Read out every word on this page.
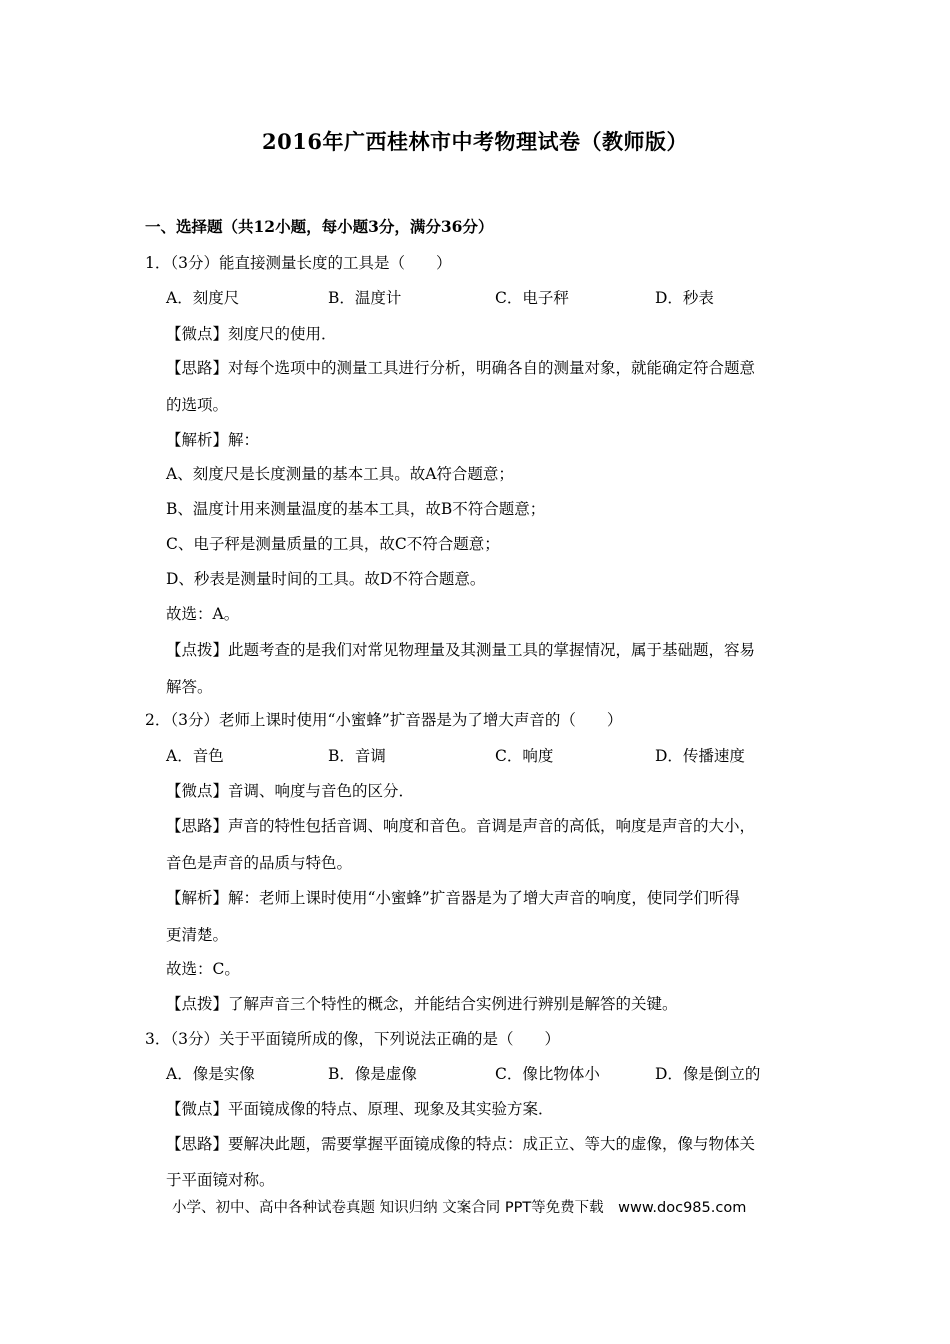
2016年广西桂林市中考物理试卷（教师版）
一、选择题（共12小题，每小题3分，满分36分）
1．（3分）能直接测量长度的工具是（　　）
A．刻度尺	B．温度计	C．电子秤	D．秒表
【微点】刻度尺的使用．
【思路】对每个选项中的测量工具进行分析，明确各自的测量对象，就能确定符合题意
的选项。
【解析】解：
A、刻度尺是长度测量的基本工具。故A符合题意；
B、温度计用来测量温度的基本工具，故B不符合题意；
C、电子秤是测量质量的工具，故C不符合题意；
D、秒表是测量时间的工具。故D不符合题意。
故选：A。
【点拨】此题考查的是我们对常见物理量及其测量工具的掌握情况，属于基础题，容易
解答。
2．（3分）老师上课时使用“小蜜蜂”扩音器是为了增大声音的（　　）
A．音色	B．音调	C．响度	D．传播速度
【微点】音调、响度与音色的区分．
【思路】声音的特性包括音调、响度和音色。音调是声音的高低，响度是声音的大小，
音色是声音的品质与特色。
【解析】解：老师上课时使用“小蜜蜂”扩音器是为了增大声音的响度，使同学们听得
更清楚。
故选：C。
【点拨】了解声音三个特性的概念，并能结合实例进行辨别是解答的关键。
3．（3分）关于平面镜所成的像，下列说法正确的是（　　）
A．像是实像	B．像是虚像	C．像比物体小	D．像是倒立的
【微点】平面镜成像的特点、原理、现象及其实验方案．
【思路】要解决此题，需要掌握平面镜成像的特点：成正立、等大的虚像，像与物体关
于平面镜对称。
小学、初中、高中各种试卷真题 知识归纳 文案合同 PPT等免费下载　www.doc985.com
